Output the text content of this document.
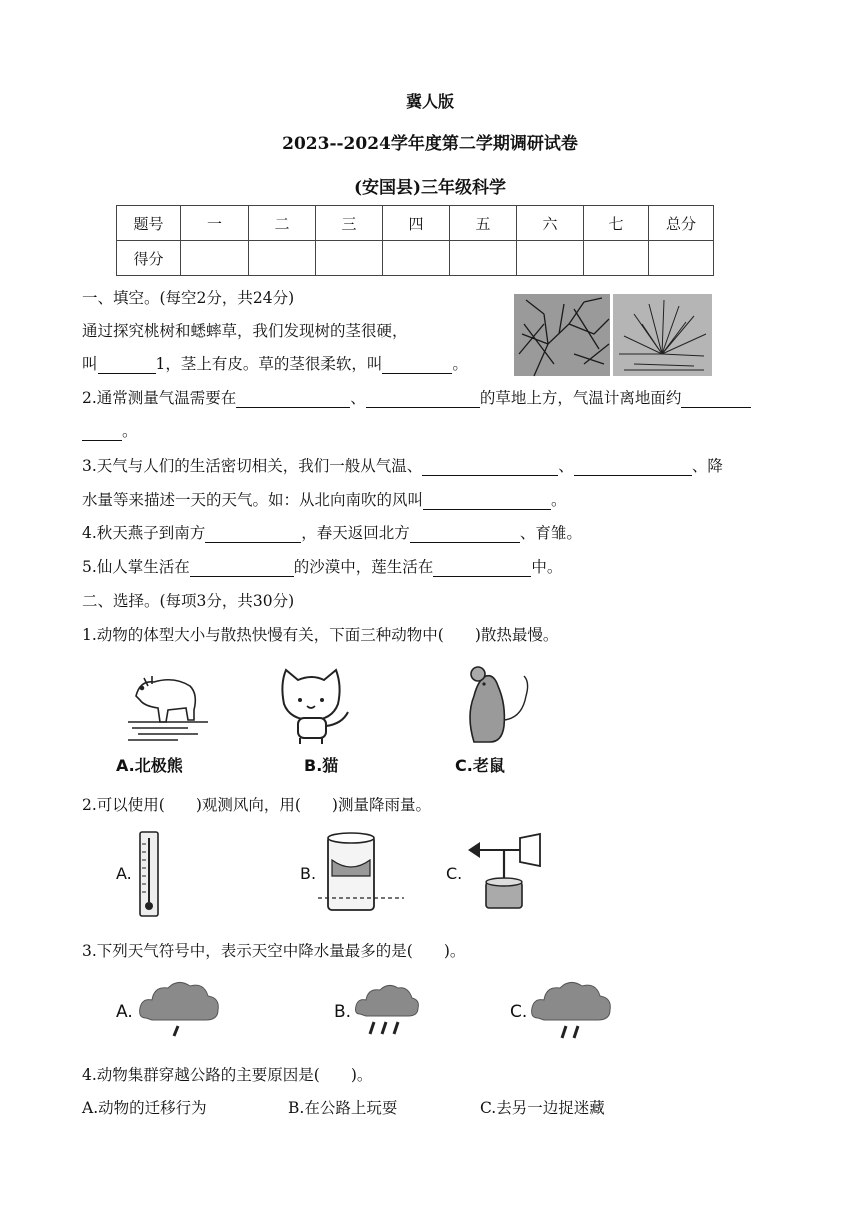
冀人版
2023--2024学年度第二学期调研试卷
(安国县)三年级科学
题号	一	二	三	四	五	六	七	总分
得分								
一、填空。(每空2分，共24分)
通过探究桃树和蟋蟀草，我们发现树的茎很硬，
叫	1，茎上有皮。草的茎很柔软，叫	。
2.通常测量气温需要在	、	的草地上方，气温计离地面约
。
3.天气与人们的生活密切相关，我们一般从气温、	、	、降
水量等来描述一天的天气。如：从北向南吹的风叫	。
4.秋天燕子到南方	，春天返回北方	、育雏。
5.仙人掌生活在	的沙漠中，莲生活在	中。
二、选择。(每项3分，共30分)
1.动物的体型大小与散热快慢有关，下面三种动物中(　　)散热最慢。
A.北极熊	B.猫	C.老鼠
2.可以使用(　　)观测风向，用(　　)测量降雨量。
A.	B.	C.
3.下列天气符号中，表示天空中降水量最多的是(　　)。
A.	B.	C.
4.动物集群穿越公路的主要原因是(　　)。
A.动物的迁移行为	B.在公路上玩耍	C.去另一边捉迷藏
